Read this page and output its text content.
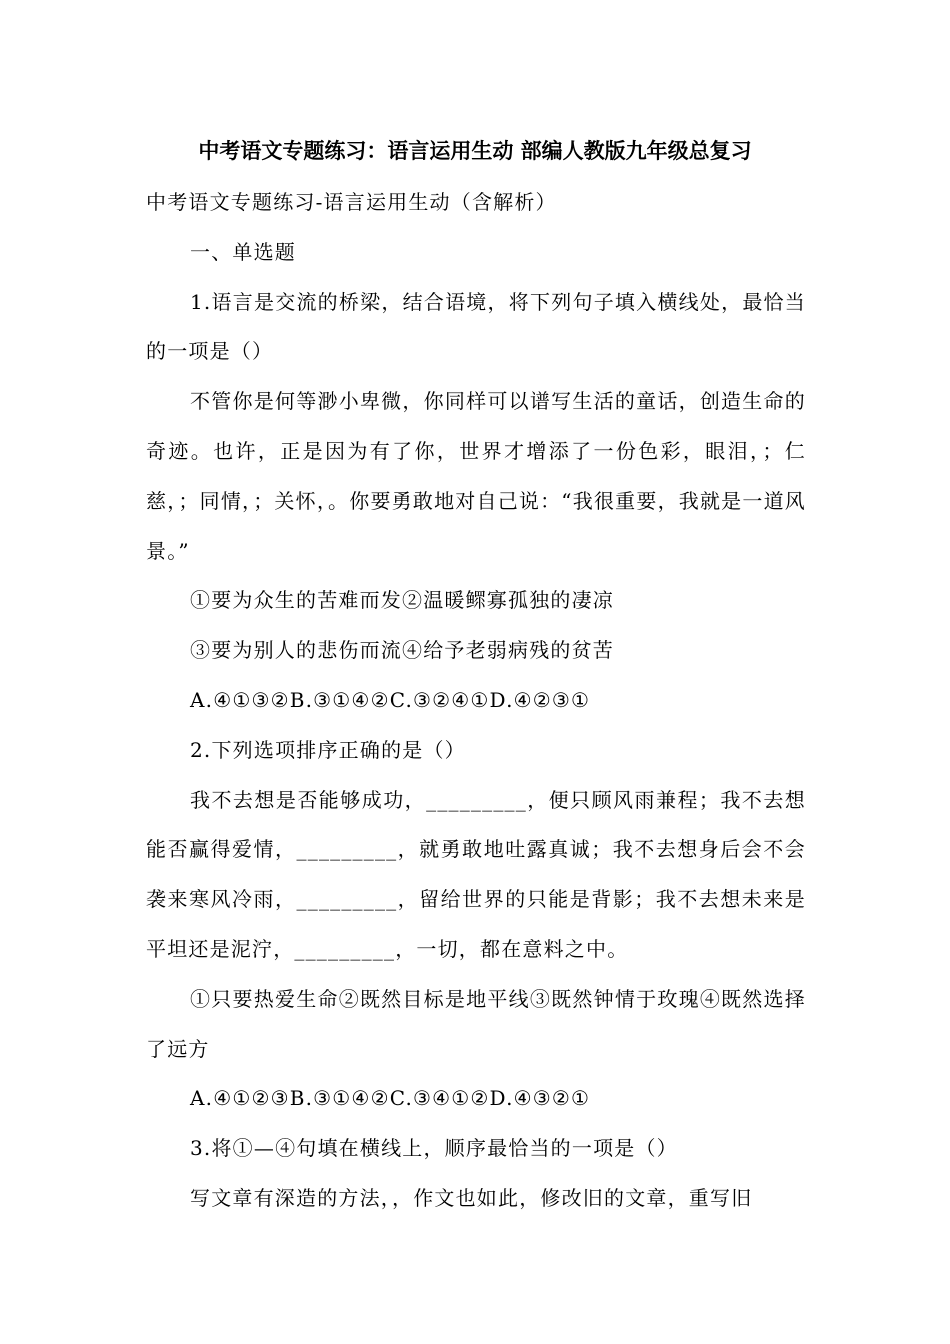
中考语文专题练习：语言运用生动 部编人教版九年级总复习

中考语文专题练习-语言运用生动（含解析）

一、单选题

1.语言是交流的桥梁，结合语境，将下列句子填入横线处，最恰当的一项是（）

不管你是何等渺小卑微，你同样可以谱写生活的童话，创造生命的奇迹。也许，正是因为有了你，世界才增添了一份色彩，眼泪，；仁慈，；同情，；关怀，。你要勇敢地对自己说：“我很重要，我就是一道风景。”

①要为众生的苦难而发②温暖鳏寡孤独的凄凉

③要为别人的悲伤而流④给予老弱病残的贫苦

A.④①③②B.③①④②C.③②④①D.④②③①

2.下列选项排序正确的是（）

我不去想是否能够成功，_________，便只顾风雨兼程；我不去想能否赢得爱情，_________，就勇敢地吐露真诚；我不去想身后会不会袭来寒风冷雨，_________，留给世界的只能是背影；我不去想未来是平坦还是泥泞，_________，一切，都在意料之中。

①只要热爱生命②既然目标是地平线③既然钟情于玫瑰④既然选择了远方

A.④①②③B.③①④②C.③④①②D.④③②①

3.将①—④句填在横线上，顺序最恰当的一项是（）

写文章有深造的方法，，作文也如此，修改旧的文章，重写旧
